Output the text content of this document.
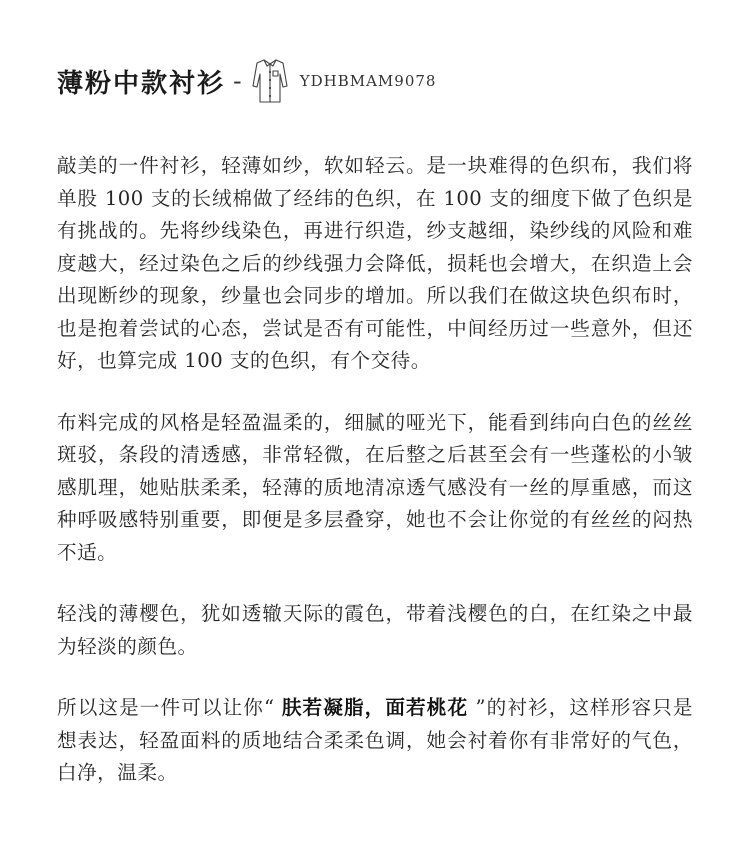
薄粉中款衬衫 -	YDHBMAM9078

敲美的一件衬衫，轻薄如纱，软如轻云。是一块难得的色织布，我们将单股 100 支的长绒棉做了经纬的色织，在 100 支的细度下做了色织是有挑战的。先将纱线染色，再进行织造，纱支越细，染纱线的风险和难度越大，经过染色之后的纱线强力会降低，损耗也会增大，在织造上会出现断纱的现象，纱量也会同步的增加。所以我们在做这块色织布时，也是抱着尝试的心态，尝试是否有可能性，中间经历过一些意外，但还好，也算完成 100 支的色织，有个交待。

布料完成的风格是轻盈温柔的，细腻的哑光下，能看到纬向白色的丝丝斑驳，条段的清透感，非常轻微，在后整之后甚至会有一些蓬松的小皱感肌理，她贴肤柔柔，轻薄的质地清凉透气感没有一丝的厚重感，而这种呼吸感特别重要，即便是多层叠穿，她也不会让你觉的有丝丝的闷热不适。

轻浅的薄樱色，犹如透辙天际的霞色，带着浅樱色的白，在红染之中最为轻淡的颜色。

所以这是一件可以让你“ 肤若凝脂，面若桃花 ”的衬衫，这样形容只是想表达，轻盈面料的质地结合柔柔色调，她会衬着你有非常好的气色，白净，温柔。
